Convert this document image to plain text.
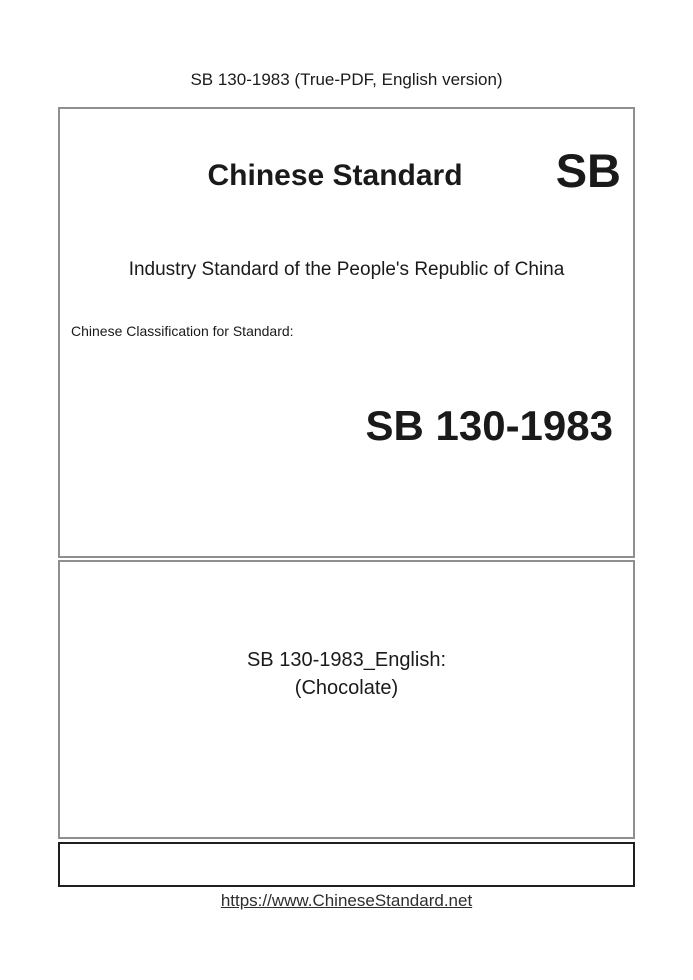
SB 130-1983 (True-PDF, English version)
Chinese Standard	SB
Industry Standard of the People's Republic of China
Chinese Classification for Standard:
SB 130-1983
SB 130-1983_English:
(Chocolate)
https://www.ChineseStandard.net
